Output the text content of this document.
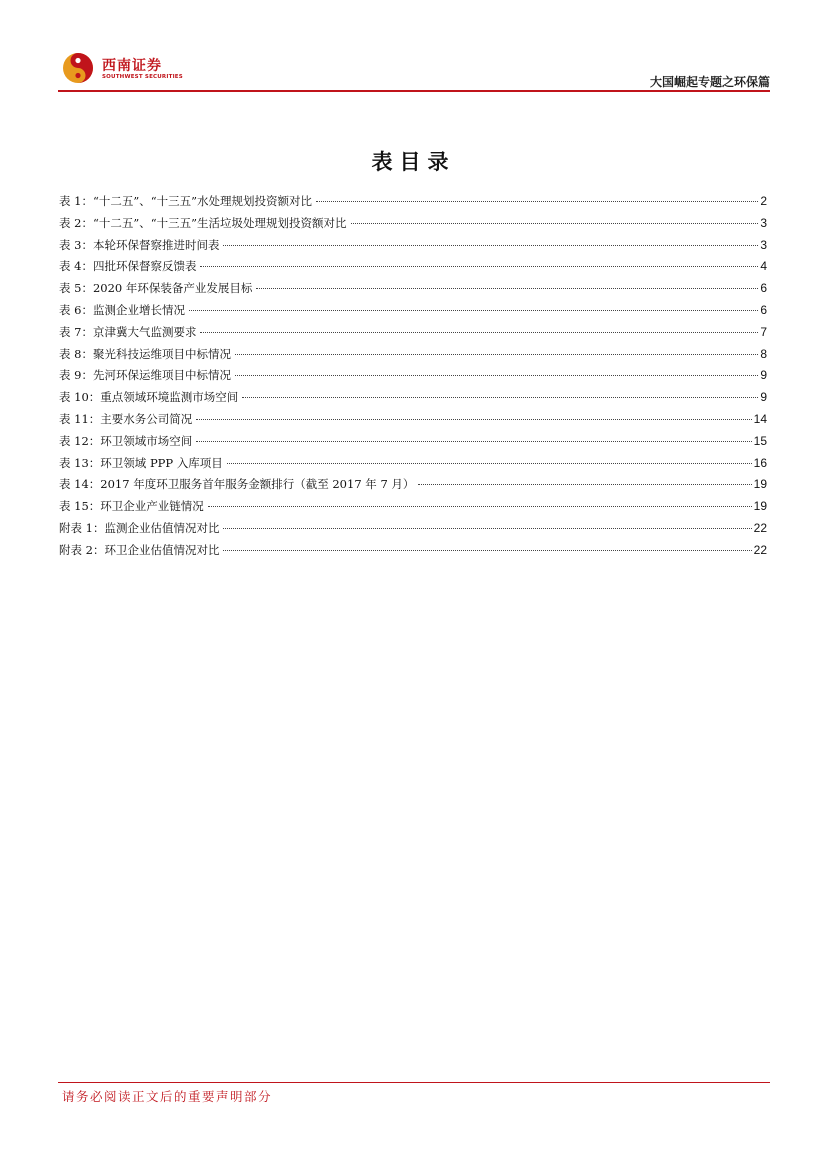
西南证券
SOUTHWEST SECURITIES	大国崛起专题之环保篇
表目录
表 1：“十二五”、“十三五”水处理规划投资额对比	2
表 2：“十二五”、“十三五”生活垃圾处理规划投资额对比	3
表 3：本轮环保督察推进时间表	3
表 4：四批环保督察反馈表	4
表 5：2020 年环保装备产业发展目标	6
表 6：监测企业增长情况	6
表 7：京津冀大气监测要求	7
表 8：聚光科技运维项目中标情况	8
表 9：先河环保运维项目中标情况	9
表 10：重点领域环境监测市场空间	9
表 11：主要水务公司简况	14
表 12：环卫领域市场空间	15
表 13：环卫领域 PPP 入库项目	16
表 14：2017 年度环卫服务首年服务金额排行（截至 2017 年 7 月）	19
表 15：环卫企业产业链情况	19
附表 1：监测企业估值情况对比	22
附表 2：环卫企业估值情况对比	22
请务必阅读正文后的重要声明部分
